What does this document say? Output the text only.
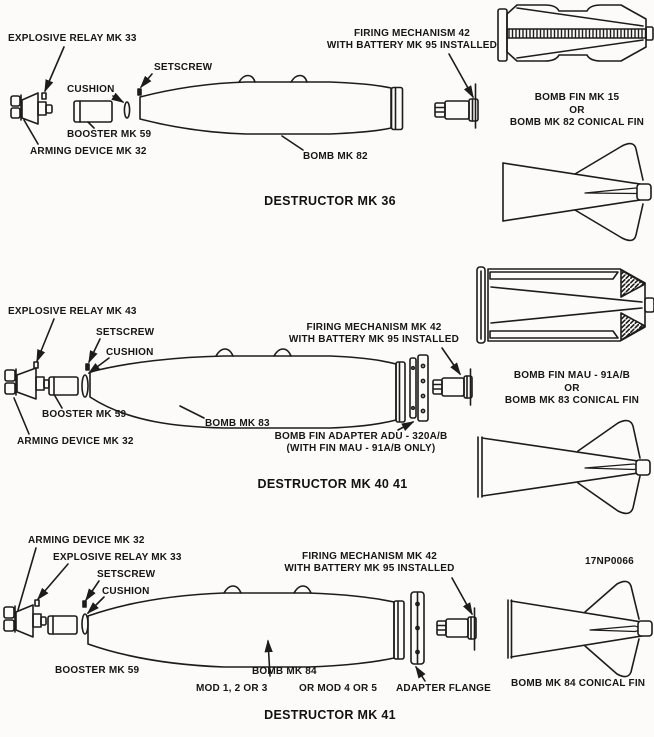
EXPLOSIVE RELAY MK 33
SETSCREW
CUSHION
BOOSTER MK 59
ARMING DEVICE MK 32
FIRING MECHANISM 42
WITH BATTERY MK 95 INSTALLED
BOMB MK 82
BOMB FIN MK 15
OR
BOMB MK 82 CONICAL FIN
DESTRUCTOR MK 36
EXPLOSIVE RELAY MK 43
SETSCREW
CUSHION
BOOSTER MK 59
ARMING DEVICE MK 32
FIRING MECHANISM MK 42
WITH BATTERY MK 95 INSTALLED
BOMB MK 83
BOMB FIN ADAPTER ADU - 320A/B
(WITH FIN MAU - 91A/B ONLY)
BOMB FIN MAU - 91A/B
OR
BOMB MK 83 CONICAL FIN
DESTRUCTOR MK 40 41
ARMING DEVICE MK 32
EXPLOSIVE RELAY MK 33
SETSCREW
CUSHION
FIRING MECHANISM MK 42
WITH BATTERY MK 95 INSTALLED
17NP0066
BOOSTER MK 59	BOMB MK 84
MOD 1, 2 OR 3	OR MOD 4 OR 5 ADAPTER FLANGE BOMB MK 84 CONICAL FIN
DESTRUCTOR MK 41
